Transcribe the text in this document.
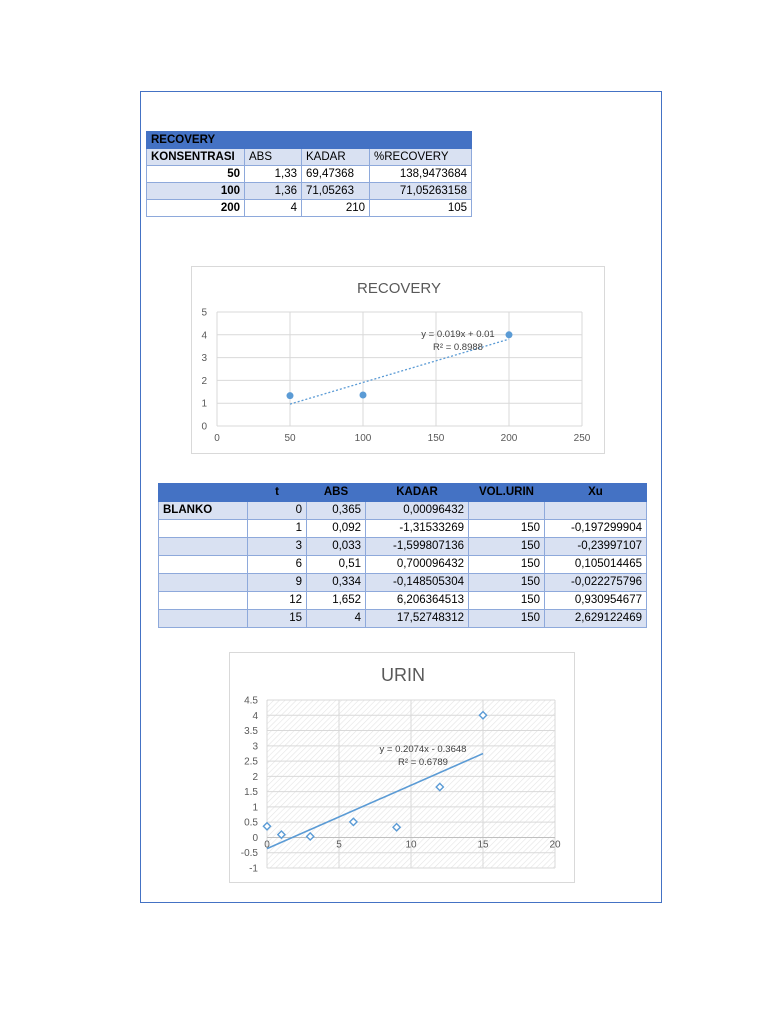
RECOVERY			
KONSENTRASI	ABS	KADAR	%RECOVERY
50	1,33	69,47368	138,9473684
100	1,36	71,05263	71,05263158
200	4	210	105
RECOVERY
0
1
2
3
4
5
0	50	100	150	200	250
y = 0.019x + 0.01
R² = 0.8988
	t	ABS	KADAR	VOL.URIN	Xu
BLANKO	0	0,365	0,00096432		
	1	0,092	-1,31533269	150	-0,197299904
	3	0,033	-1,599807136	150	-0,23997107
	6	0,51	0,700096432	150	0,105014465
	9	0,334	-0,148505304	150	-0,022275796
	12	1,652	6,206364513	150	0,930954677
	15	4	17,52748312	150	2,629122469
URIN
-1
-0.5
0
0.5
1
1.5
2
2.5
3
3.5
4
4.5
0	5	10	15	20
y = 0.2074x - 0.3648
R² = 0.6789
